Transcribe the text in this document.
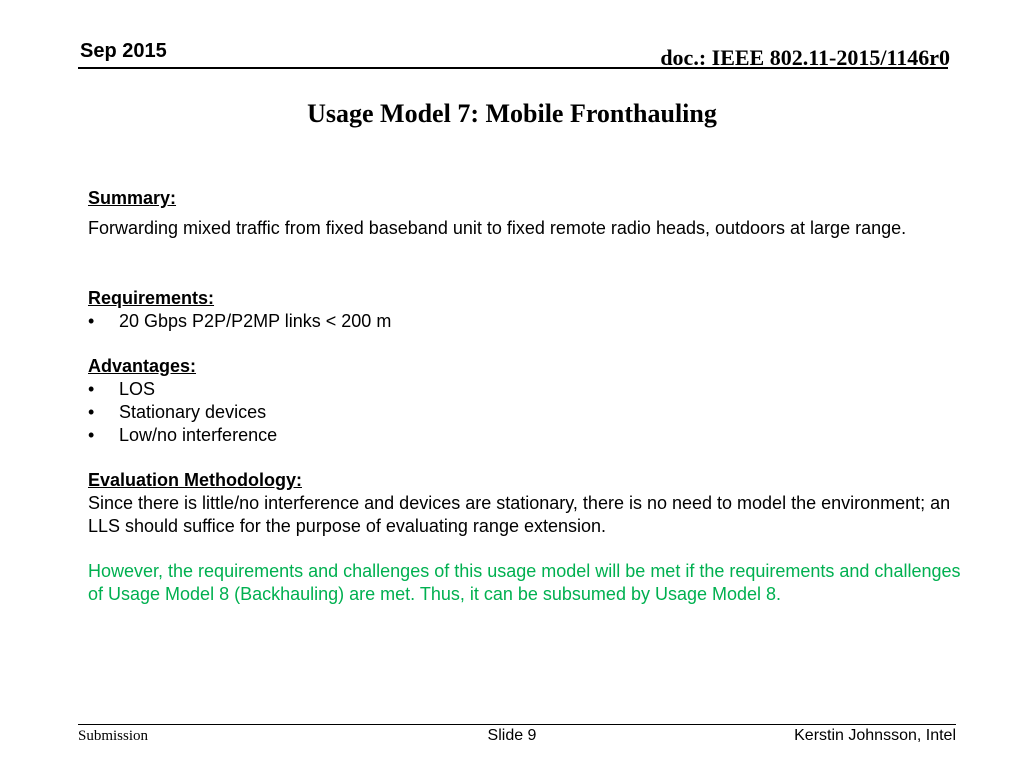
Sep 2015	doc.: IEEE 802.11-2015/1146r0
Usage Model 7: Mobile Fronthauling
Summary:
Forwarding mixed traffic from fixed baseband unit to fixed remote radio heads, outdoors at large range.
Requirements:
• 20 Gbps P2P/P2MP links < 200 m
Advantages:
• LOS
• Stationary devices
• Low/no interference
Evaluation Methodology:
Since there is little/no interference and devices are stationary, there is no need to model the environment; an LLS should suffice for the purpose of evaluating range extension.
However, the requirements and challenges of this usage model will be met if the requirements and challenges of Usage Model 8 (Backhauling) are met. Thus, it can be subsumed by Usage Model 8.
Submission	Slide 9	Kerstin Johnsson, Intel
